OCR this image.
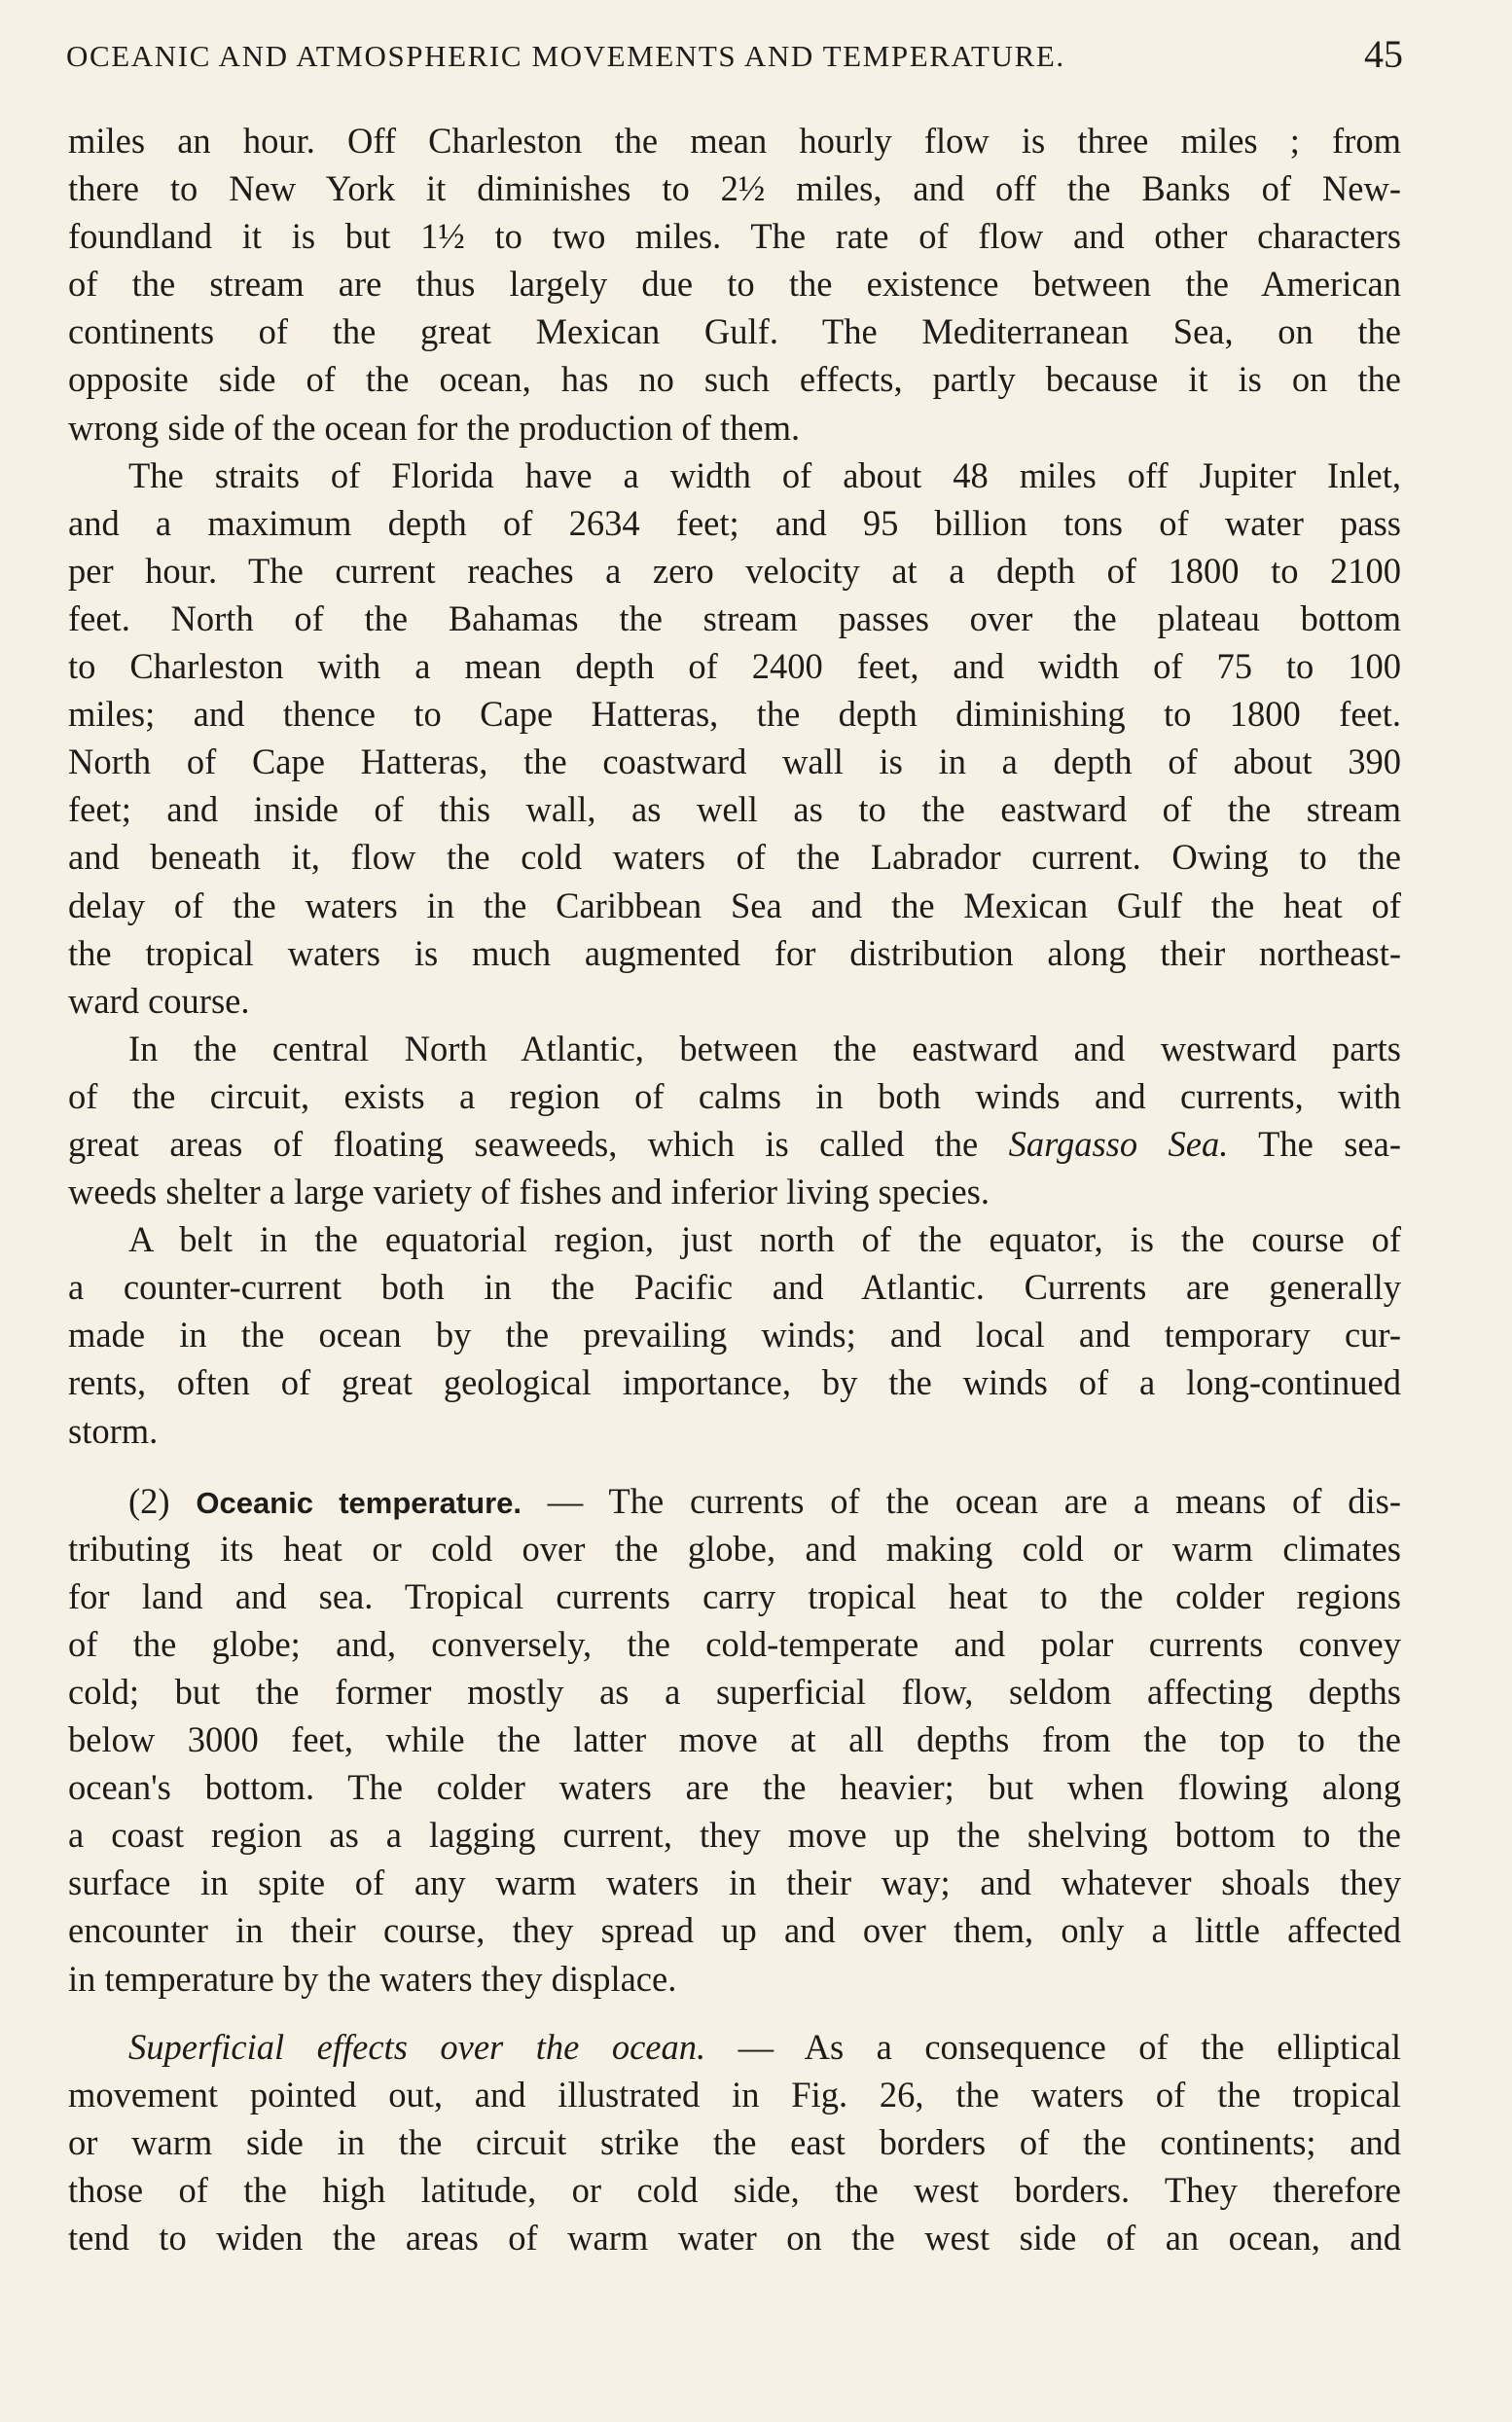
OCEANIC AND ATMOSPHERIC MOVEMENTS AND TEMPERATURE.	45
miles an hour. Off Charleston the mean hourly flow is three miles ; from
there to New York it diminishes to 2½ miles, and off the Banks of New-
foundland it is but 1½ to two miles. The rate of flow and other characters
of the stream are thus largely due to the existence between the American
continents of the great Mexican Gulf. The Mediterranean Sea, on the
opposite side of the ocean, has no such effects, partly because it is on the
wrong side of the ocean for the production of them.
The straits of Florida have a width of about 48 miles off Jupiter Inlet,
and a maximum depth of 2634 feet; and 95 billion tons of water pass
per hour. The current reaches a zero velocity at a depth of 1800 to 2100
feet. North of the Bahamas the stream passes over the plateau bottom
to Charleston with a mean depth of 2400 feet, and width of 75 to 100
miles; and thence to Cape Hatteras, the depth diminishing to 1800 feet.
North of Cape Hatteras, the coastward wall is in a depth of about 390
feet; and inside of this wall, as well as to the eastward of the stream
and beneath it, flow the cold waters of the Labrador current. Owing to the
delay of the waters in the Caribbean Sea and the Mexican Gulf the heat of
the tropical waters is much augmented for distribution along their northeast-
ward course.
In the central North Atlantic, between the eastward and westward parts
of the circuit, exists a region of calms in both winds and currents, with
great areas of floating seaweeds, which is called the Sargasso Sea. The sea-
weeds shelter a large variety of fishes and inferior living species.
A belt in the equatorial region, just north of the equator, is the course of
a counter-current both in the Pacific and Atlantic. Currents are generally
made in the ocean by the prevailing winds; and local and temporary cur-
rents, often of great geological importance, by the winds of a long-continued
storm.
(2) Oceanic temperature. — The currents of the ocean are a means of dis-
tributing its heat or cold over the globe, and making cold or warm climates
for land and sea. Tropical currents carry tropical heat to the colder regions
of the globe; and, conversely, the cold-temperate and polar currents convey
cold; but the former mostly as a superficial flow, seldom affecting depths
below 3000 feet, while the latter move at all depths from the top to the
ocean's bottom. The colder waters are the heavier; but when flowing along
a coast region as a lagging current, they move up the shelving bottom to the
surface in spite of any warm waters in their way; and whatever shoals they
encounter in their course, they spread up and over them, only a little affected
in temperature by the waters they displace.
Superficial effects over the ocean. — As a consequence of the elliptical
movement pointed out, and illustrated in Fig. 26, the waters of the tropical
or warm side in the circuit strike the east borders of the continents; and
those of the high latitude, or cold side, the west borders. They therefore
tend to widen the areas of warm water on the west side of an ocean, and
